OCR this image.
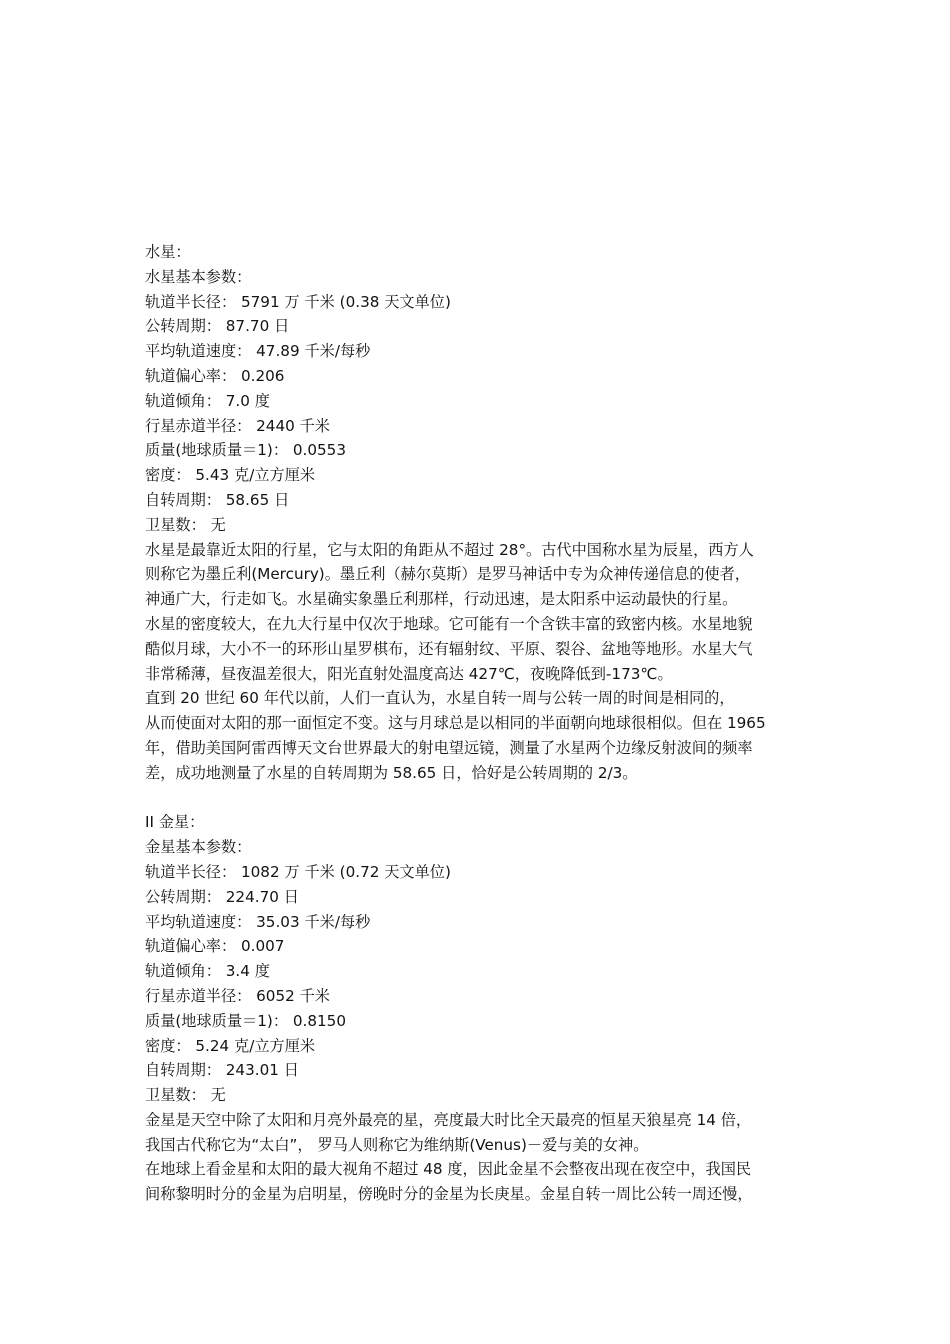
水星：
水星基本参数：
轨道半长径： 5791 万 千米 (0.38 天文单位)
公转周期： 87.70 日
平均轨道速度： 47.89 千米/每秒
轨道偏心率： 0.206
轨道倾角： 7.0 度
行星赤道半径： 2440 千米
质量(地球质量＝1)： 0.0553
密度： 5.43 克/立方厘米
自转周期： 58.65 日
卫星数： 无
水星是最靠近太阳的行星，它与太阳的角距从不超过 28°。古代中国称水星为辰星，西方人
则称它为墨丘利(Mercury)。墨丘利（赫尔莫斯）是罗马神话中专为众神传递信息的使者，
神通广大，行走如飞。水星确实象墨丘利那样，行动迅速，是太阳系中运动最快的行星。
水星的密度较大，在九大行星中仅次于地球。它可能有一个含铁丰富的致密内核。水星地貌
酷似月球，大小不一的环形山星罗棋布，还有辐射纹、平原、裂谷、盆地等地形。水星大气
非常稀薄，昼夜温差很大，阳光直射处温度高达 427℃，夜晚降低到-173℃。
直到 20 世纪 60 年代以前，人们一直认为，水星自转一周与公转一周的时间是相同的，
从而使面对太阳的那一面恒定不变。这与月球总是以相同的半面朝向地球很相似。但在 1965
年，借助美国阿雷西博天文台世界最大的射电望远镜，测量了水星两个边缘反射波间的频率
差，成功地测量了水星的自转周期为 58.65 日，恰好是公转周期的 2/3。
II 金星：
金星基本参数：
轨道半长径： 1082 万 千米 (0.72 天文单位)
公转周期： 224.70 日
平均轨道速度： 35.03 千米/每秒
轨道偏心率： 0.007
轨道倾角： 3.4 度
行星赤道半径： 6052 千米
质量(地球质量＝1)： 0.8150
密度： 5.24 克/立方厘米
自转周期： 243.01 日
卫星数： 无
金星是天空中除了太阳和月亮外最亮的星，亮度最大时比全天最亮的恒星天狼星亮 14 倍，
我国古代称它为“太白”， 罗马人则称它为维纳斯(Venus)－爱与美的女神。
在地球上看金星和太阳的最大视角不超过 48 度，因此金星不会整夜出现在夜空中，我国民
间称黎明时分的金星为启明星，傍晚时分的金星为长庚星。金星自转一周比公转一周还慢，
